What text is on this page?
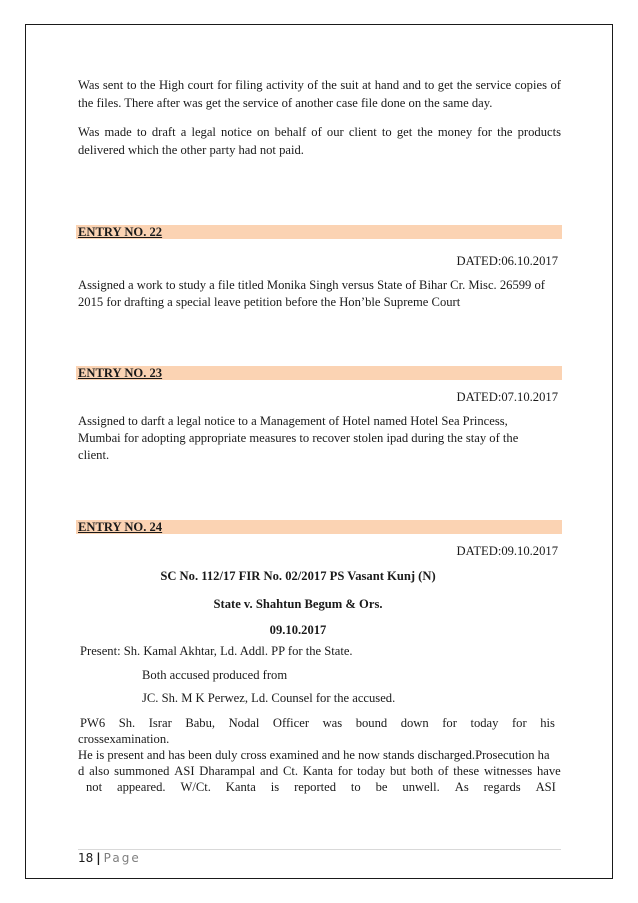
Was sent to the High court for filing activity of the suit at hand and to get the service copies of the files. There after was get the service of another case file done on the same day.

Was made to draft a legal notice on behalf of our client to get the money for the products delivered which the other party had not paid.

ENTRY NO. 22
DATED:06.10.2017
Assigned a work to study a file titled Monika Singh versus State of Bihar Cr. Misc. 26599 of
2015 for drafting a special leave petition before the Hon’ble Supreme Court
ENTRY NO. 23
DATED:07.10.2017
Assigned to darft a legal notice to a Management of Hotel named Hotel Sea Princess,
Mumbai for adopting appropriate measures to recover stolen ipad during the stay of the
client.
ENTRY NO. 24
DATED:09.10.2017
SC No. 112/17 FIR No. 02/2017 PS Vasant Kunj (N)
State v. Shahtun Begum & Ors.
09.10.2017
Present: Sh. Kamal Akhtar, Ld. Addl. PP for the State.
Both accused produced from
JC. Sh. M K Perwez, Ld. Counsel for the accused.
PW6 Sh. Israr Babu, Nodal Officer was bound down for today for his
crossexamination.
He is present and has been duly cross examined and he now stands discharged.Prosecution ha
d also summoned ASI Dharampal and Ct. Kanta for today but both of these witnesses have
not appeared. W/Ct. Kanta is reported to be unwell. As regards ASI
18 | Page
